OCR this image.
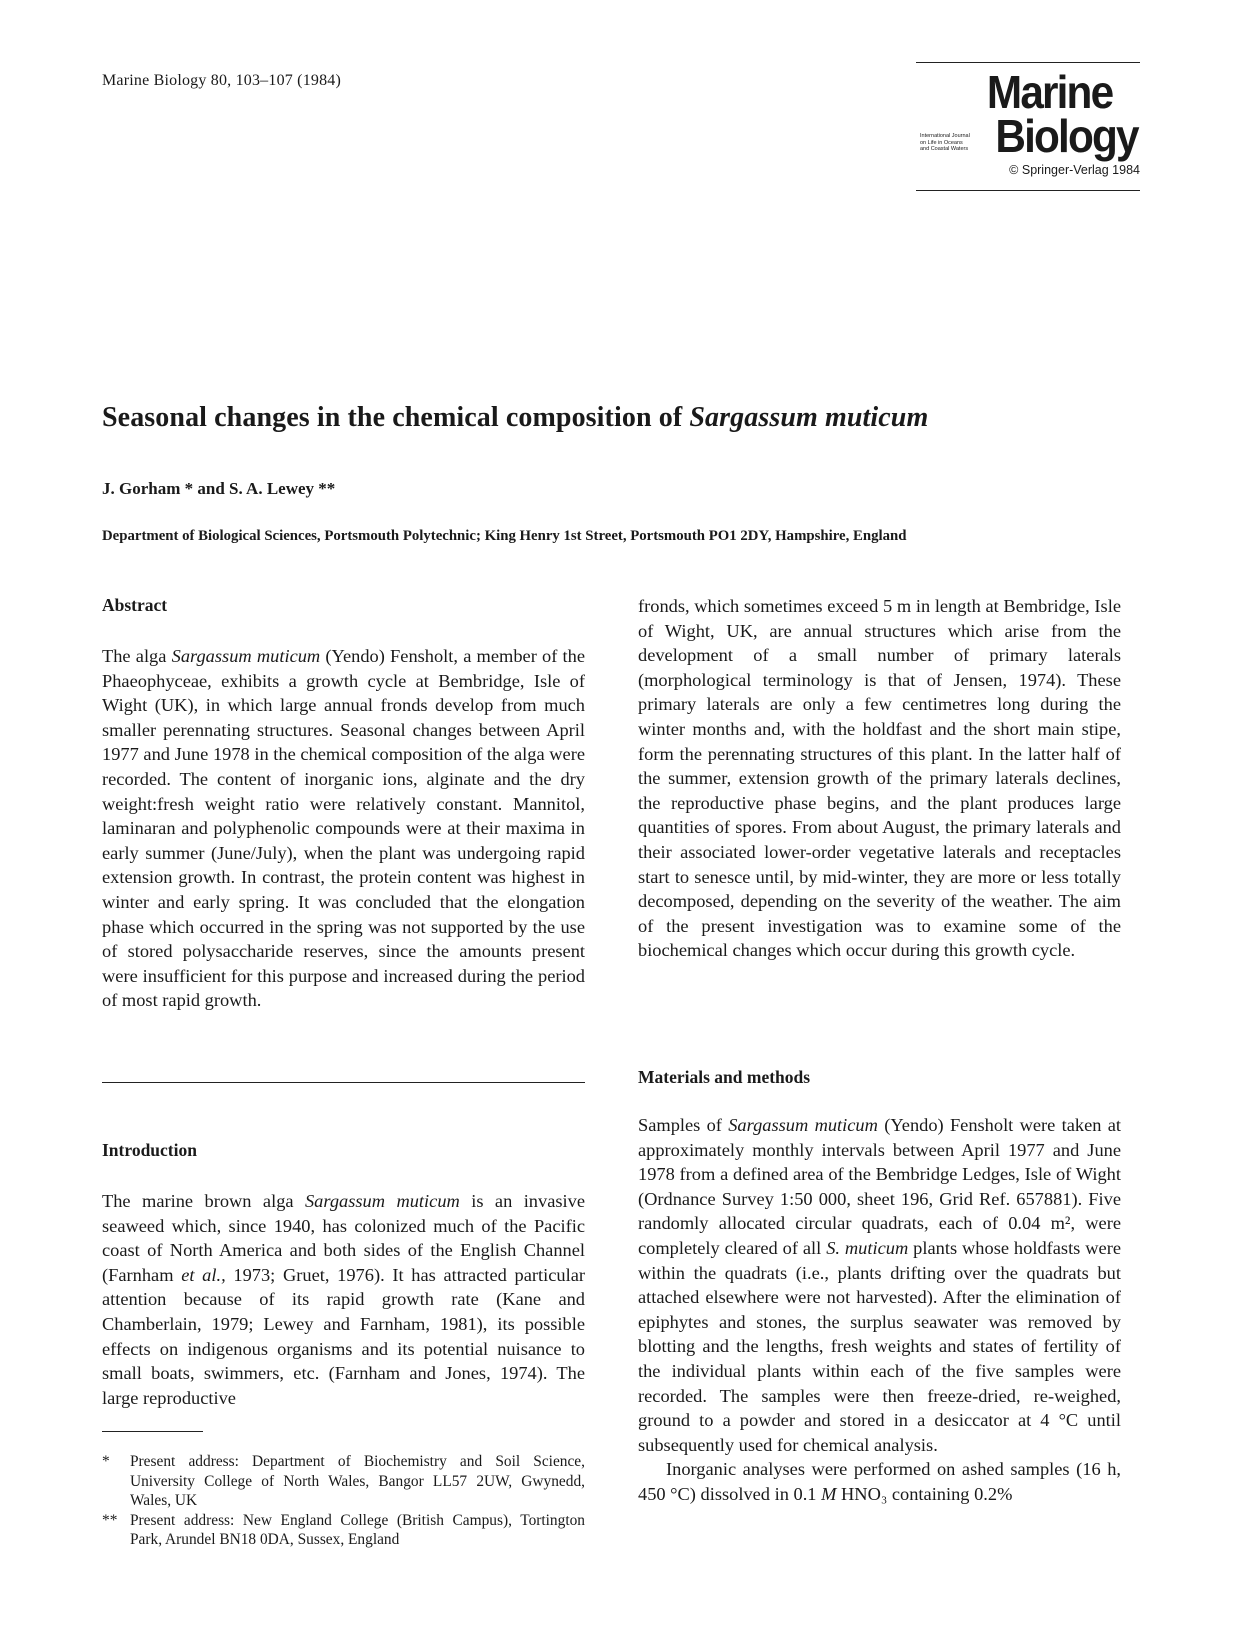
Marine Biology 80, 103–107 (1984)	Marine
International Journal
on Life in Oceans
and Coastal Waters Biology
© Springer-Verlag 1984
Seasonal changes in the chemical composition of Sargassum muticum
J. Gorham * and S. A. Lewey **
Department of Biological Sciences, Portsmouth Polytechnic; King Henry 1st Street, Portsmouth PO1 2DY, Hampshire, England
Abstract

The alga Sargassum muticum (Yendo) Fensholt, a member of the Phaeophyceae, exhibits a growth cycle at Bembridge, Isle of Wight (UK), in which large annual fronds develop from much smaller perennating structures. Seasonal changes between April 1977 and June 1978 in the chemical composition of the alga were recorded. The content of inorganic ions, alginate and the dry weight:fresh weight ratio were relatively constant. Mannitol, laminaran and polyphenolic compounds were at their maxima in early summer (June/July), when the plant was undergoing rapid extension growth. In contrast, the protein content was highest in winter and early spring. It was concluded that the elongation phase which occurred in the spring was not supported by the use of stored polysaccharide reserves, since the amounts present were insufficient for this purpose and increased during the period of most rapid growth.

Introduction

The marine brown alga Sargassum muticum is an invasive seaweed which, since 1940, has colonized much of the Pacific coast of North America and both sides of the English Channel (Farnham et al., 1973; Gruet, 1976). It has attracted particular attention because of its rapid growth rate (Kane and Chamberlain, 1979; Lewey and Farnham, 1981), its possible effects on indigenous organisms and its potential nuisance to small boats, swimmers, etc. (Farnham and Jones, 1974). The large reproductive

*	Present address: Department of Biochemistry and Soil Science, University College of North Wales, Bangor LL57 2UW, Gwynedd, Wales, UK
** Present address: New England College (British Campus), Tortington Park, Arundel BN18 0DA, Sussex, England

fronds, which sometimes exceed 5 m in length at Bembridge, Isle of Wight, UK, are annual structures which arise from the development of a small number of primary laterals (morphological terminology is that of Jensen, 1974). These primary laterals are only a few centimetres long during the winter months and, with the holdfast and the short main stipe, form the perennating structures of this plant. In the latter half of the summer, extension growth of the primary laterals declines, the reproductive phase begins, and the plant produces large quantities of spores. From about August, the primary laterals and their associated lower-order vegetative laterals and receptacles start to senesce until, by mid-winter, they are more or less totally decomposed, depending on the severity of the weather. The aim of the present investigation was to examine some of the biochemical changes which occur during this growth cycle.

Materials and methods

Samples of Sargassum muticum (Yendo) Fensholt were taken at approximately monthly intervals between April 1977 and June 1978 from a defined area of the Bembridge Ledges, Isle of Wight (Ordnance Survey 1:50 000, sheet 196, Grid Ref. 657881). Five randomly allocated circular quadrats, each of 0.04 m², were completely cleared of all S. muticum plants whose holdfasts were within the quadrats (i.e., plants drifting over the quadrats but attached elsewhere were not harvested). After the elimination of epiphytes and stones, the surplus seawater was removed by blotting and the lengths, fresh weights and states of fertility of the individual plants within each of the five samples were recorded. The samples were then freeze-dried, re-weighed, ground to a powder and stored in a desiccator at 4 °C until subsequently used for chemical analysis.

Inorganic analyses were performed on ashed samples (16 h, 450 °C) dissolved in 0.1 M HNO₃ containing 0.2%
